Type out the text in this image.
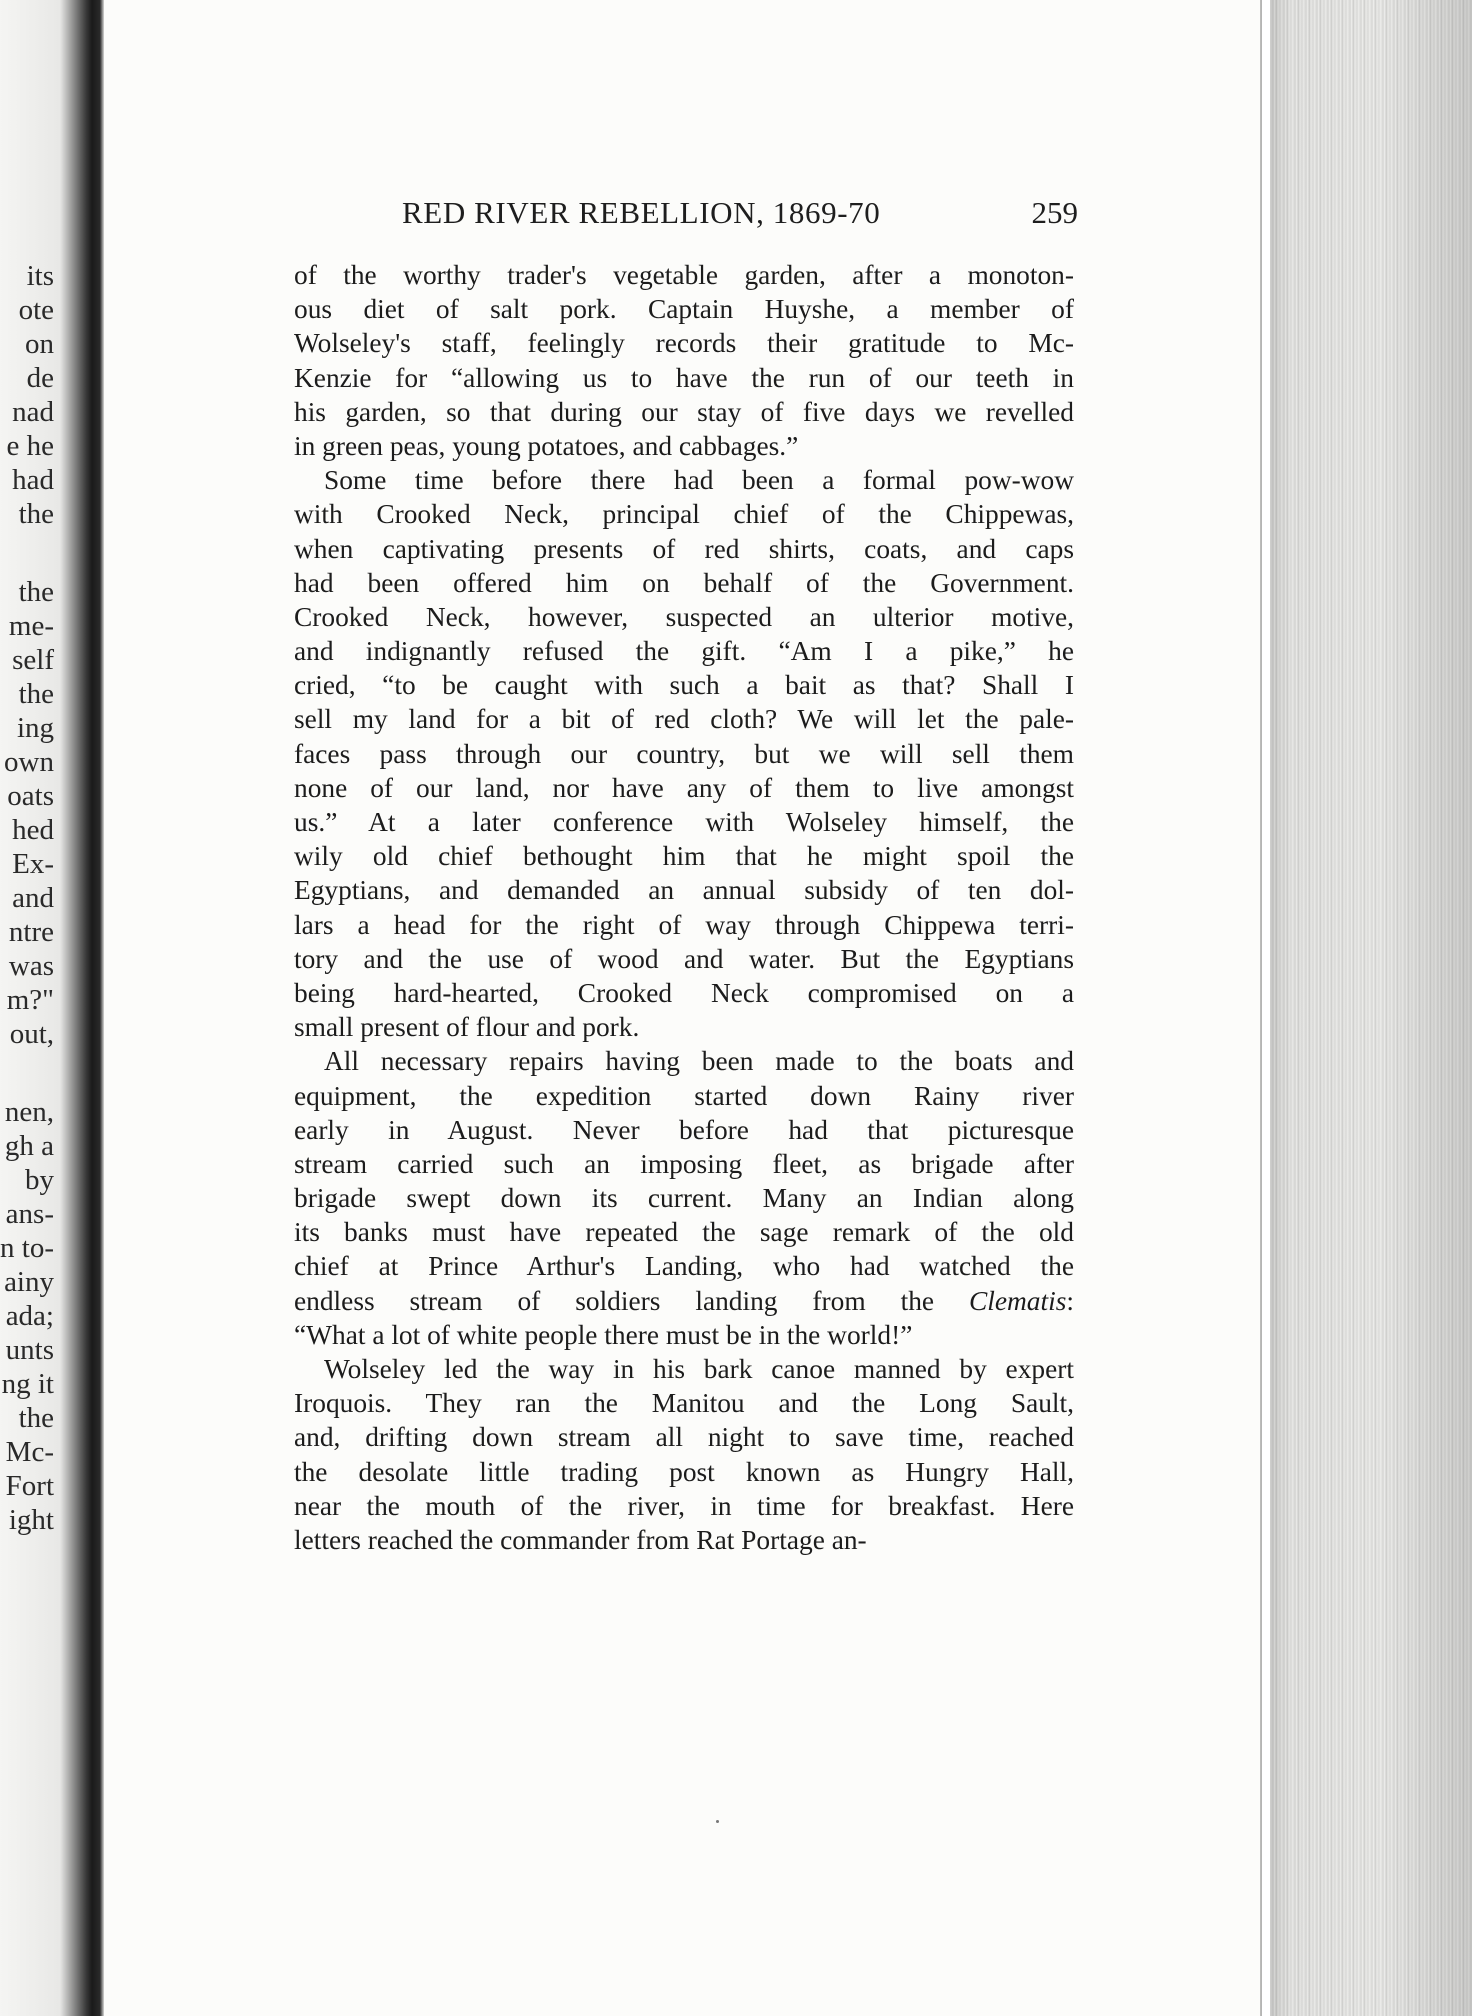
its
ote
on
de
nad
e he
had
the
the
me-
self
the
ing
own
oats
hed
Ex-
and
ntre
was
m?"
out,
nen,
gh a
by
ans-
n to-
ainy
ada;
unts
ng it
the
Mc-
Fort
ight
RED RIVER REBELLION, 1869-70	259
of the worthy trader's vegetable garden, after a monoton-
ous diet of salt pork. Captain Huyshe, a member of
Wolseley's staff, feelingly records their gratitude to Mc-
Kenzie for “allowing us to have the run of our teeth in
his garden, so that during our stay of five days we revelled
in green peas, young potatoes, and cabbages.”
Some time before there had been a formal pow-wow
with Crooked Neck, principal chief of the Chippewas,
when captivating presents of red shirts, coats, and caps
had been offered him on behalf of the Government.
Crooked Neck, however, suspected an ulterior motive,
and indignantly refused the gift. “Am I a pike,” he
cried, “to be caught with such a bait as that? Shall I
sell my land for a bit of red cloth? We will let the pale-
faces pass through our country, but we will sell them
none of our land, nor have any of them to live amongst
us.” At a later conference with Wolseley himself, the
wily old chief bethought him that he might spoil the
Egyptians, and demanded an annual subsidy of ten dol-
lars a head for the right of way through Chippewa terri-
tory and the use of wood and water. But the Egyptians
being hard-hearted, Crooked Neck compromised on a
small present of flour and pork.
All necessary repairs having been made to the boats and
equipment, the expedition started down Rainy river
early in August. Never before had that picturesque
stream carried such an imposing fleet, as brigade after
brigade swept down its current. Many an Indian along
its banks must have repeated the sage remark of the old
chief at Prince Arthur's Landing, who had watched the
endless stream of soldiers landing from the Clematis:
“What a lot of white people there must be in the world!”
Wolseley led the way in his bark canoe manned by expert
Iroquois. They ran the Manitou and the Long Sault,
and, drifting down stream all night to save time, reached
the desolate little trading post known as Hungry Hall,
near the mouth of the river, in time for breakfast. Here
letters reached the commander from Rat Portage an-
